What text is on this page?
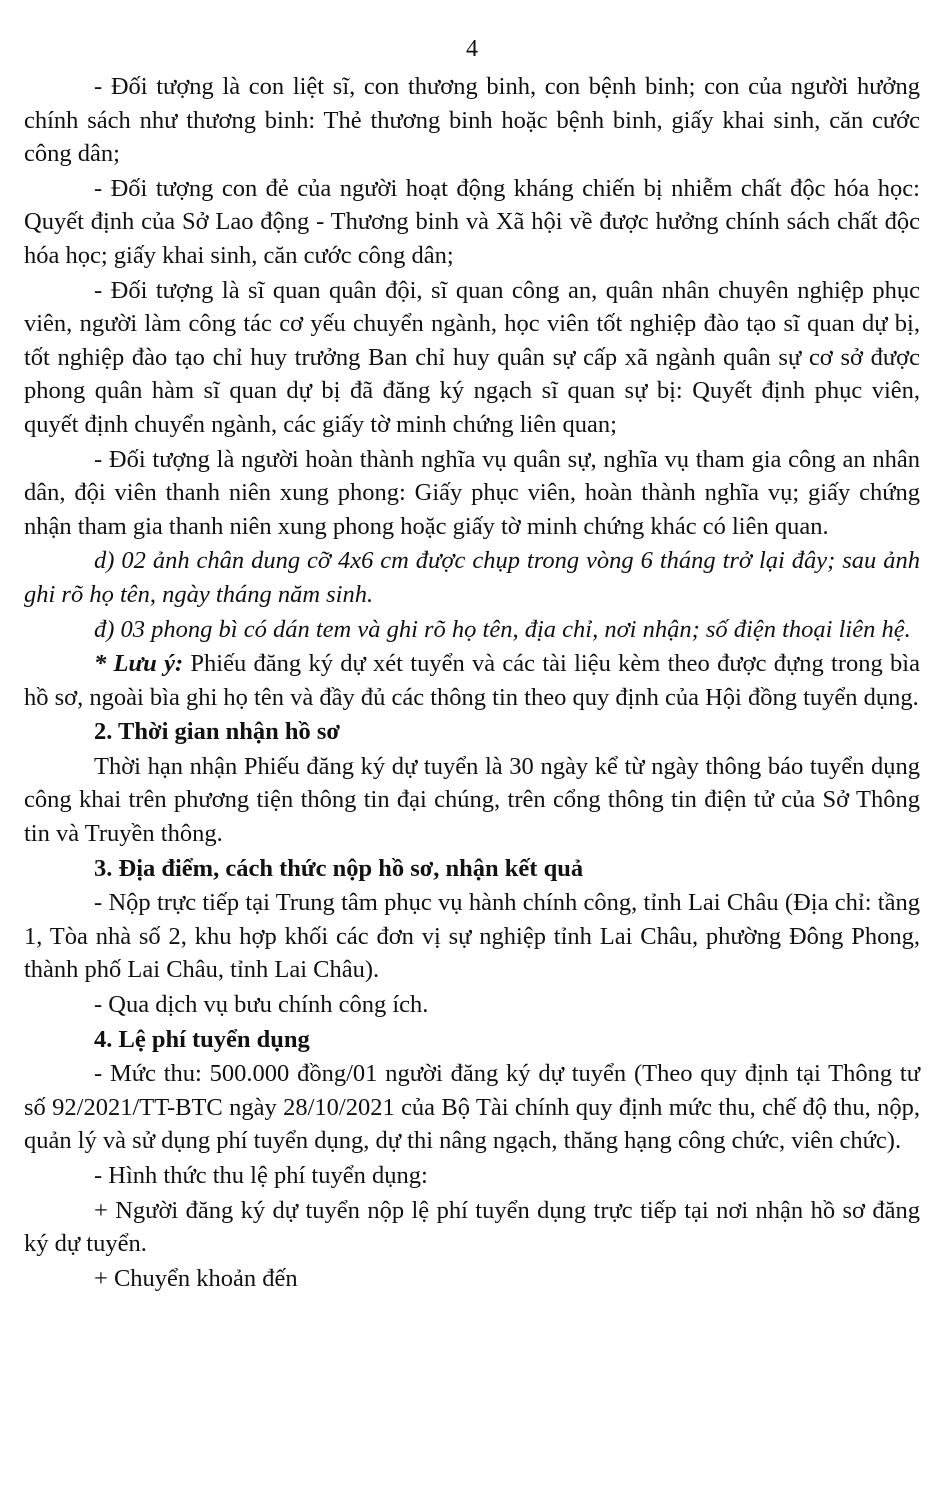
4

- Đối tượng là con liệt sĩ, con thương binh, con bệnh binh; con của người hưởng chính sách như thương binh: Thẻ thương binh hoặc bệnh binh, giấy khai sinh, căn cước công dân;

- Đối tượng con đẻ của người hoạt động kháng chiến bị nhiễm chất độc hóa học: Quyết định của Sở Lao động - Thương binh và Xã hội về được hưởng chính sách chất độc hóa học; giấy khai sinh, căn cước công dân;

- Đối tượng là sĩ quan quân đội, sĩ quan công an, quân nhân chuyên nghiệp phục viên, người làm công tác cơ yếu chuyển ngành, học viên tốt nghiệp đào tạo sĩ quan dự bị, tốt nghiệp đào tạo chỉ huy trưởng Ban chỉ huy quân sự cấp xã ngành quân sự cơ sở được phong quân hàm sĩ quan dự bị đã đăng ký ngạch sĩ quan sự bị: Quyết định phục viên, quyết định chuyển ngành, các giấy tờ minh chứng liên quan;

- Đối tượng là người hoàn thành nghĩa vụ quân sự, nghĩa vụ tham gia công an nhân dân, đội viên thanh niên xung phong: Giấy phục viên, hoàn thành nghĩa vụ; giấy chứng nhận tham gia thanh niên xung phong hoặc giấy tờ minh chứng khác có liên quan.

d) 02 ảnh chân dung cỡ 4x6 cm được chụp trong vòng 6 tháng trở lại đây; sau ảnh ghi rõ họ tên, ngày tháng năm sinh.

đ) 03 phong bì có dán tem và ghi rõ họ tên, địa chỉ, nơi nhận; số điện thoại liên hệ.

* Lưu ý: Phiếu đăng ký dự xét tuyển và các tài liệu kèm theo được đựng trong bìa hồ sơ, ngoài bìa ghi họ tên và đầy đủ các thông tin theo quy định của Hội đồng tuyển dụng.

2. Thời gian nhận hồ sơ

Thời hạn nhận Phiếu đăng ký dự tuyển là 30 ngày kể từ ngày thông báo tuyển dụng công khai trên phương tiện thông tin đại chúng, trên cổng thông tin điện tử của Sở Thông tin và Truyền thông.

3. Địa điểm, cách thức nộp hồ sơ, nhận kết quả

- Nộp trực tiếp tại Trung tâm phục vụ hành chính công, tỉnh Lai Châu (Địa chỉ: tầng 1, Tòa nhà số 2, khu hợp khối các đơn vị sự nghiệp tỉnh Lai Châu, phường Đông Phong, thành phố Lai Châu, tỉnh Lai Châu).

- Qua dịch vụ bưu chính công ích.

4. Lệ phí tuyển dụng

- Mức thu: 500.000 đồng/01 người đăng ký dự tuyển (Theo quy định tại Thông tư số 92/2021/TT-BTC ngày 28/10/2021 của Bộ Tài chính quy định mức thu, chế độ thu, nộp, quản lý và sử dụng phí tuyển dụng, dự thi nâng ngạch, thăng hạng công chức, viên chức).

- Hình thức thu lệ phí tuyển dụng:

+ Người đăng ký dự tuyển nộp lệ phí tuyển dụng trực tiếp tại nơi nhận hồ sơ đăng ký dự tuyển.

+ Chuyển khoản đến
